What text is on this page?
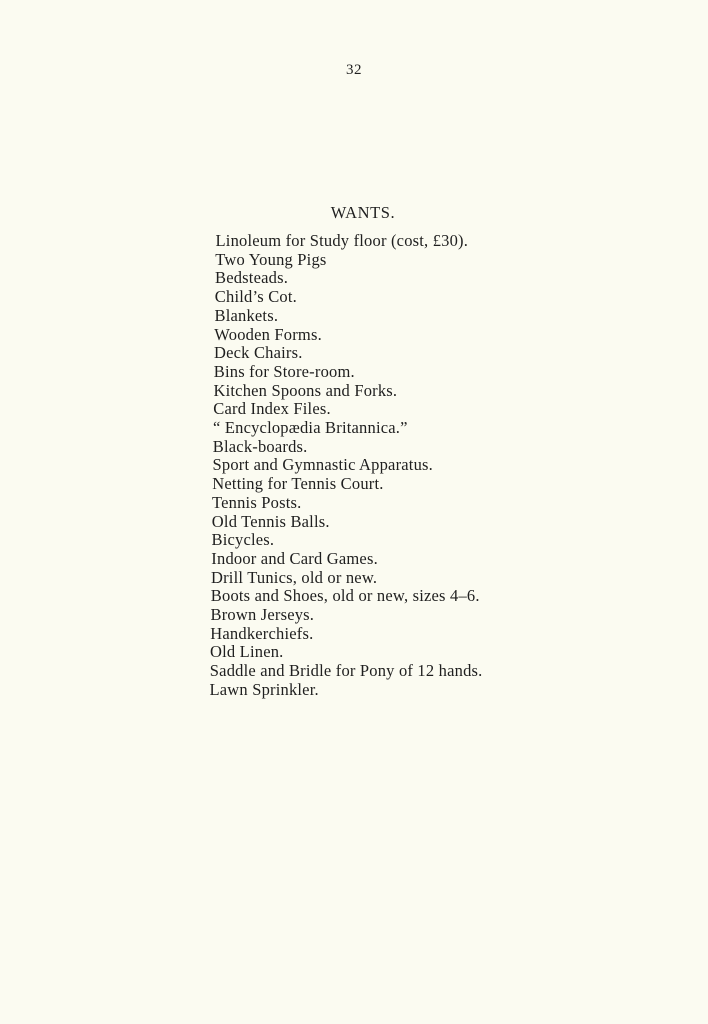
32
WANTS.
Linoleum for Study floor (cost, £30).
Two Young Pigs
Bedsteads.
Child’s Cot.
Blankets.
Wooden Forms.
Deck Chairs.
Bins for Store-room.
Kitchen Spoons and Forks.
Card Index Files.
“ Encyclopædia Britannica.”
Black-boards.
Sport and Gymnastic Apparatus.
Netting for Tennis Court.
Tennis Posts.
Old Tennis Balls.
Bicycles.
Indoor and Card Games.
Drill Tunics, old or new.
Boots and Shoes, old or new, sizes 4–6.
Brown Jerseys.
Handkerchiefs.
Old Linen.
Saddle and Bridle for Pony of 12 hands.
Lawn Sprinkler.
